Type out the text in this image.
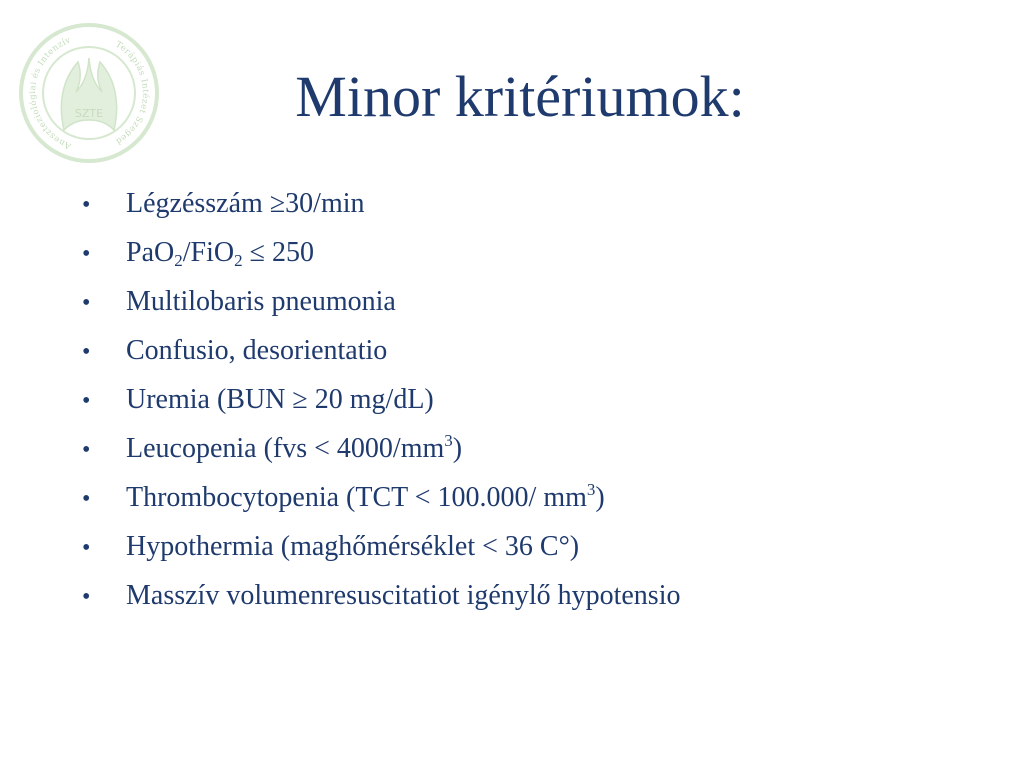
Aneszteziológiai és Intenzív	Terápiás Intézet Szeged
SZTE	Minor kritériumok:
•	Légzésszám ≥30/min
•	PaO$_2$/FiO$_2$ ≤ 250
•	Multilobaris pneumonia
•	Confusio, desorientatio
•	Uremia (BUN ≥ 20 mg/dL)
•	Leucopenia $(fvs < 4000/mm^3)$
•	Thrombocytopenia (TCT < 100.000/ $mm^3$)
•	Hypothermia (maghőmérséklet < 36 C°)
•	Masszív volumenresuscitatiot igénylő hypotensio
